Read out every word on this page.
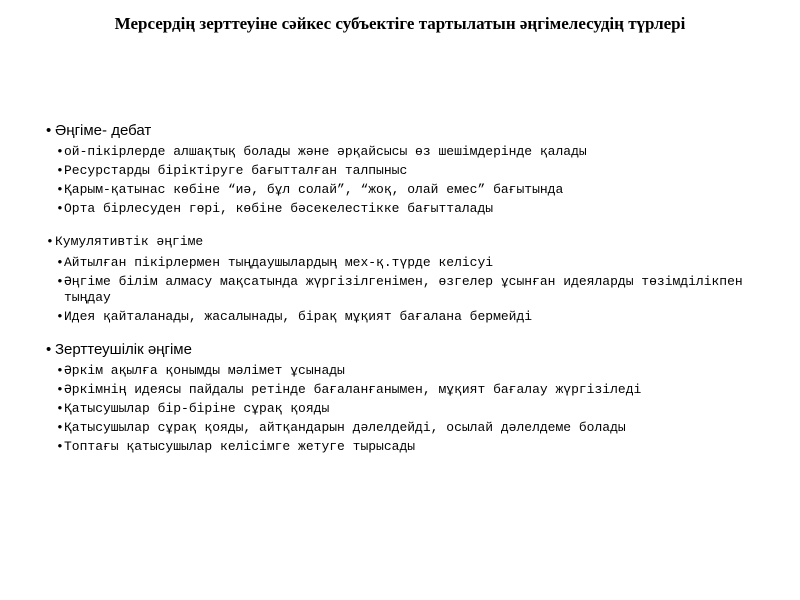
Мерсердің зерттеуіне сәйкес субъектіге тартылатын әңгімелесудің түрлері
• Әңгіме- дебат
• ой-пікірлерде алшақтық болады және әрқайсысы өз шешімдерінде қалады
• Ресурстарды біріктіруге бағытталған талпыныс
• Қарым-қатынас көбіне “иә, бұл солай”, “жоқ, олай емес” бағытында
• Орта бірлесуден гөрі, көбіне бәсекелестікке бағытталады
• Кумулятивтік әңгіме
• Айтылған пікірлермен тыңдаушылардың мех-қ.түрде келісуі
• Әңгіме білім алмасу мақсатында жүргізілгенімен, өзгелер ұсынған идеяларды төзімділікпен тыңдау
• Идея қайталанады, жасалынады, бірақ мұқият бағалана бермейді
• Зерттеушілік әңгіме
• Әркім ақылға қонымды мәлімет ұсынады
• Әркімнің идеясы пайдалы ретінде бағаланғанымен, мұқият бағалау жүргізіледі
• Қатысушылар бір-біріне сұрақ қояды
• Қатысушылар сұрақ қояды, айтқандарын дәлелдейді, осылай дәлелдеме болады
• Топтағы қатысушылар келісімге жетуге тырысады
